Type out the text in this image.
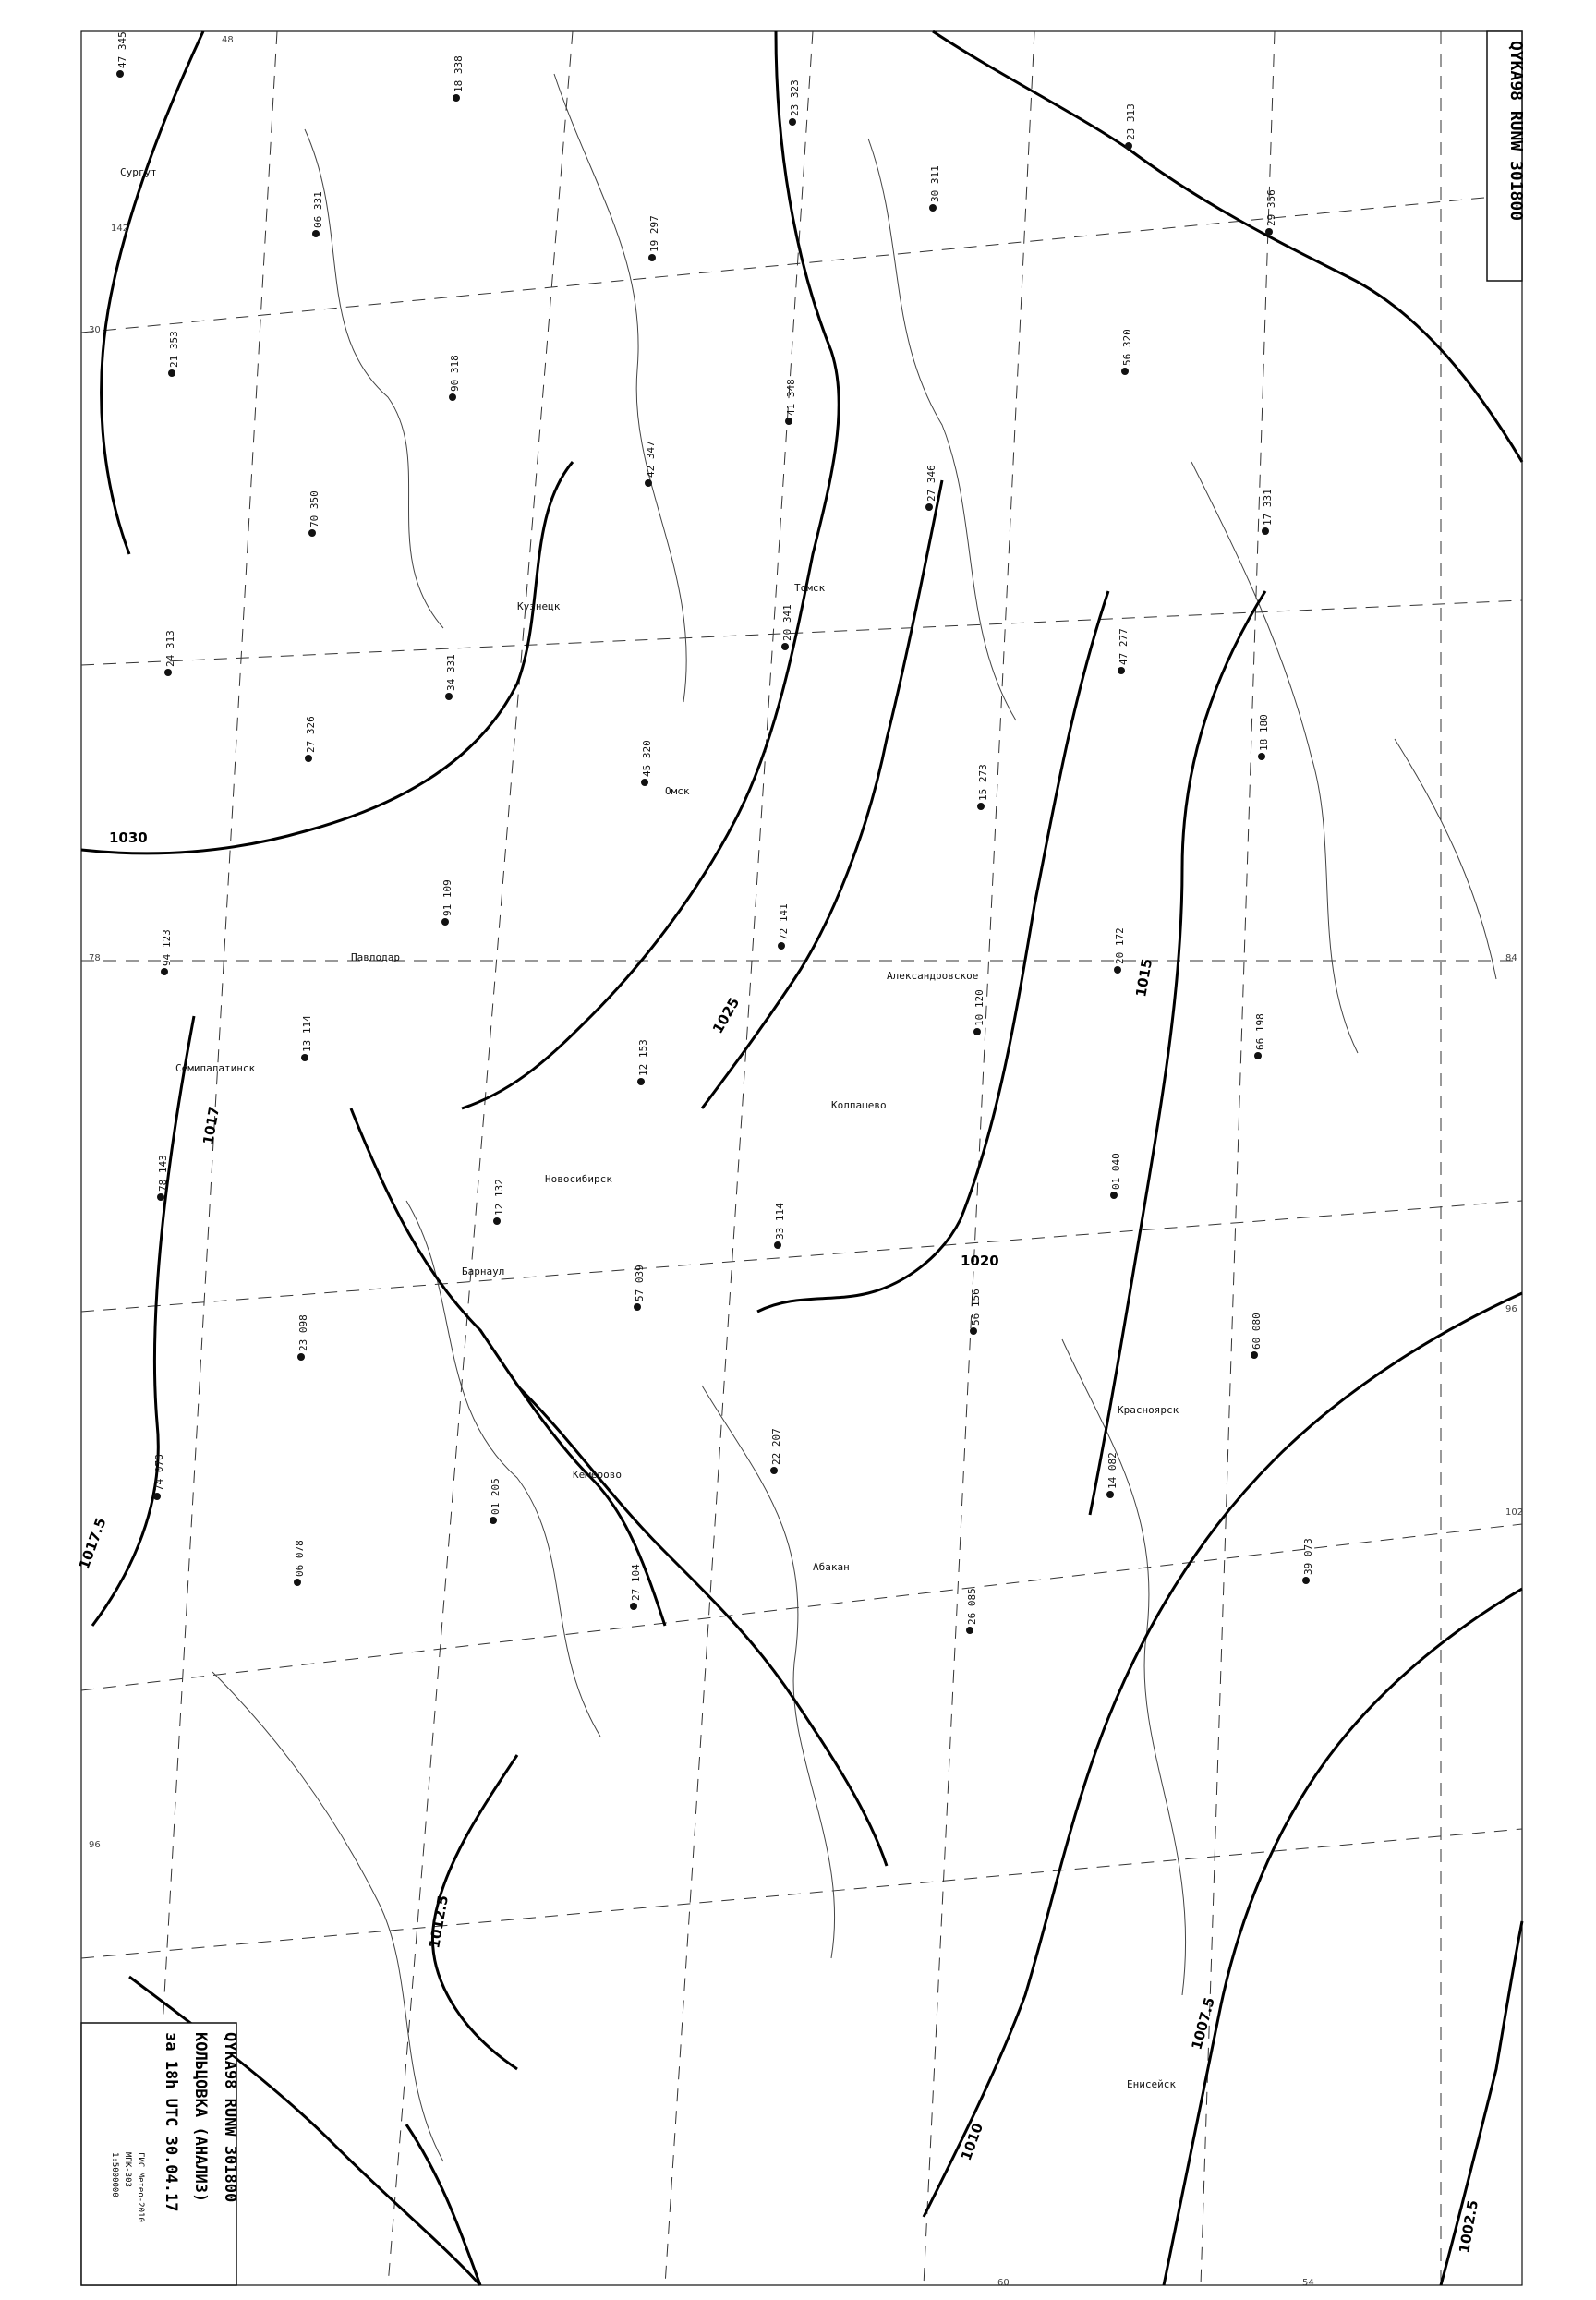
1030
1025
1020
1017.5
1017
1015
1012.5
1010
1007.5
1002.5
30
78
142
84
96
102
48
96
54
60
Сургут
Кузнецк
Омск
Новосибирск
Барнаул
Томск
Семипалатинск
Павлодар
Александровское
Колпашево
Кемерово
Красноярск
Абакан
Енисейск
47 345
06 331
18 338
19 297
23 323
30 311
23 313
29 356
21 353
70 350
90 318
42 347
41 348
27 346
56 320
17 331
24 313
27 326
34 331
45 320
20 341
15 273
47 277
18 180
94 123
13 114
91 109
12 153
72 141
10 120
20 172
66 198
78 143
23 098
12 132
57 039
33 114
56 156
01 040
60 080
74 078
06 078
01 205
27 104
22 207
26 085
14 082
39 073
QYKA98 RUNW 301800
QYKA98 RUNW 301800
КОЛЬЦОВКА (АНАЛИЗ)
за 18h UTC 30.04.17
ГИС Метео-2010
МПК-303
1:5000000
